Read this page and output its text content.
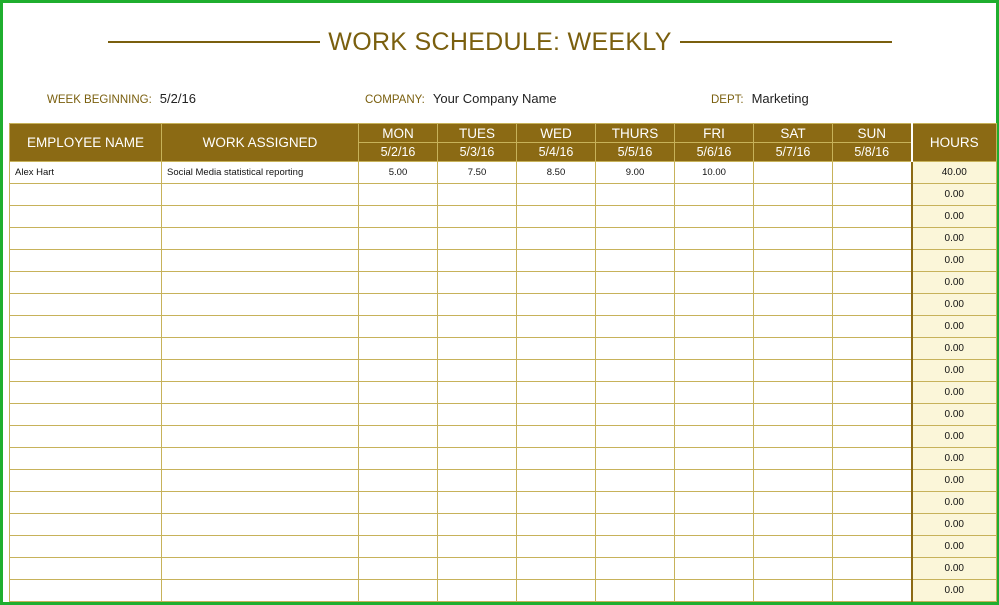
WORK SCHEDULE: WEEKLY
WEEK BEGINNING: 5/2/16	COMPANY: Your Company Name	DEPT: Marketing
EMPLOYEE NAME	WORK ASSIGNED	MON	TUES	WED	THURS	FRI	SAT	SUN	HOURS
		5/2/16	5/3/16	5/4/16	5/5/16	5/6/16	5/7/16	5/8/16	
Alex Hart	Social Media statistical reporting	5.00	7.50	8.50	9.00	10.00			40.00
									0.00
									0.00
									0.00
									0.00
									0.00
									0.00
									0.00
									0.00
									0.00
									0.00
									0.00
									0.00
									0.00
									0.00
									0.00
									0.00
									0.00
									0.00
									0.00
